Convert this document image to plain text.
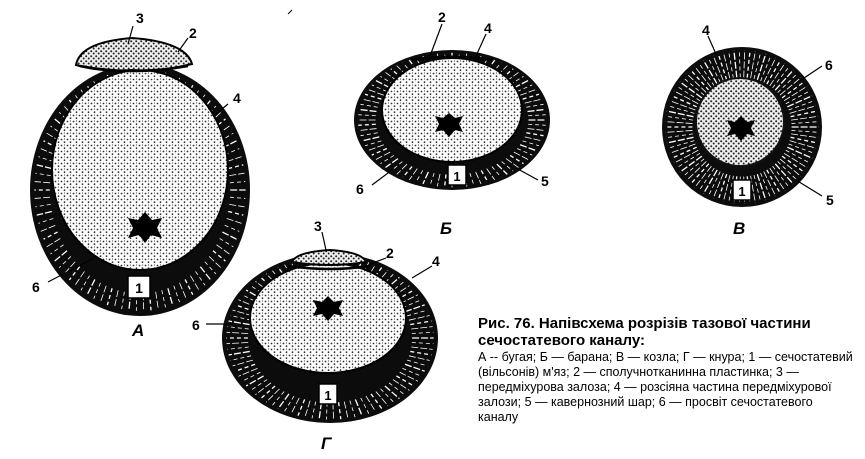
1
А
3
2
4
6
1
Б
2
4
6	5
1
В
4
6
5
1
Г
3
2	4
6	Рис. 76. Напівсхема розрізів тазової частини сечостатевого каналу:

А -- бугая; Б — барана; В — козла; Г — кнура; 1 — сечостатевий (вільсонів) м'яз; 2 — сполучнотканинна пластинка; 3 — передміхурова залоза; 4 — розсіяна частина передміхурової залози; 5 — кавернозний шар; 6 — просвіт сечостатевого каналу
